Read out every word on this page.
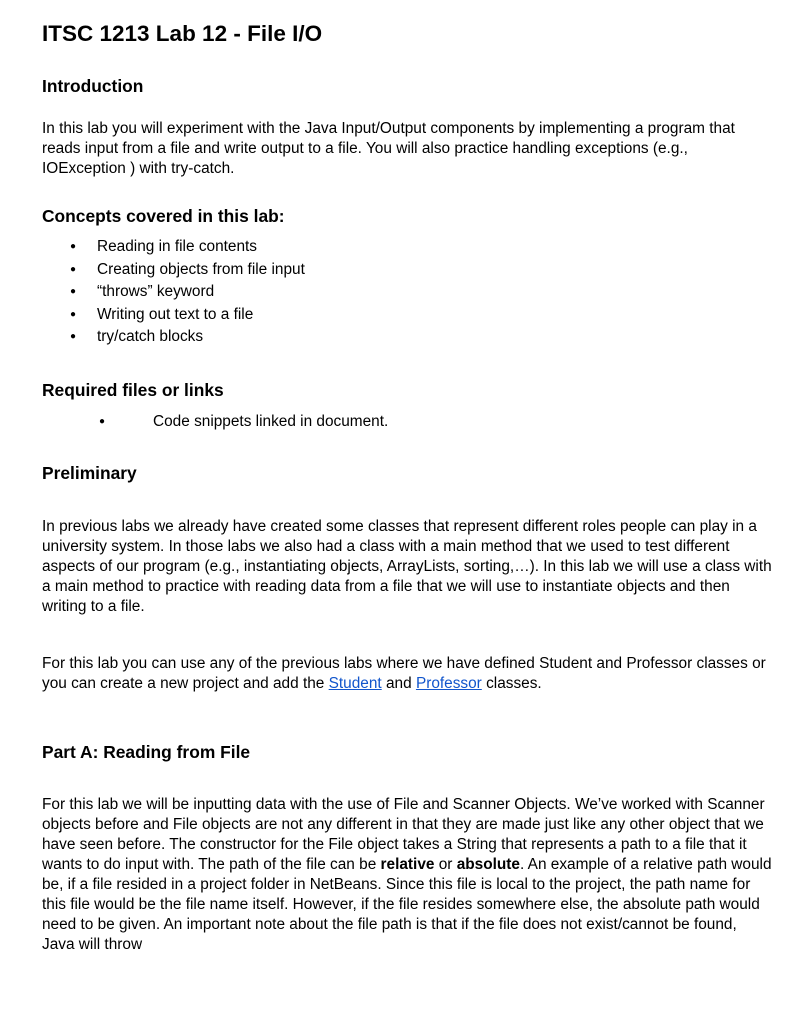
ITSC 1213 Lab 12 - File I/O
Introduction

In this lab you will experiment with the Java Input/Output components by implementing a program that reads input from a file and write output to a file. You will also practice handling exceptions (e.g., IOException ) with try-catch.

Concepts covered in this lab:
● Reading in file contents
● Creating objects from file input
● “throws” keyword
● Writing out text to a file
● try/catch blocks
Required files or links
● Code snippets linked in document.
Preliminary

In previous labs we already have created some classes that represent different roles people can play in a university system. In those labs we also had a class with a main method that we used to test different aspects of our program (e.g., instantiating objects, ArrayLists, sorting,…). In this lab we will use a class with a main method to practice with reading data from a file that we will use to instantiate objects and then writing to a file.

For this lab you can use any of the previous labs where we have defined Student and Professor classes or you can create a new project and add the Student and Professor classes.

Part A: Reading from File

For this lab we will be inputting data with the use of File and Scanner Objects. We’ve worked with Scanner objects before and File objects are not any different in that they are made just like any other object that we have seen before. The constructor for the File object takes a String that represents a path to a file that it wants to do input with. The path of the file can be relative or absolute. An example of a relative path would be, if a file resided in a project folder in NetBeans. Since this file is local to the project, the path name for this file would be the file name itself. However, if the file resides somewhere else, the absolute path would need to be given. An important note about the file path is that if the file does not exist/cannot be found, Java will throw
